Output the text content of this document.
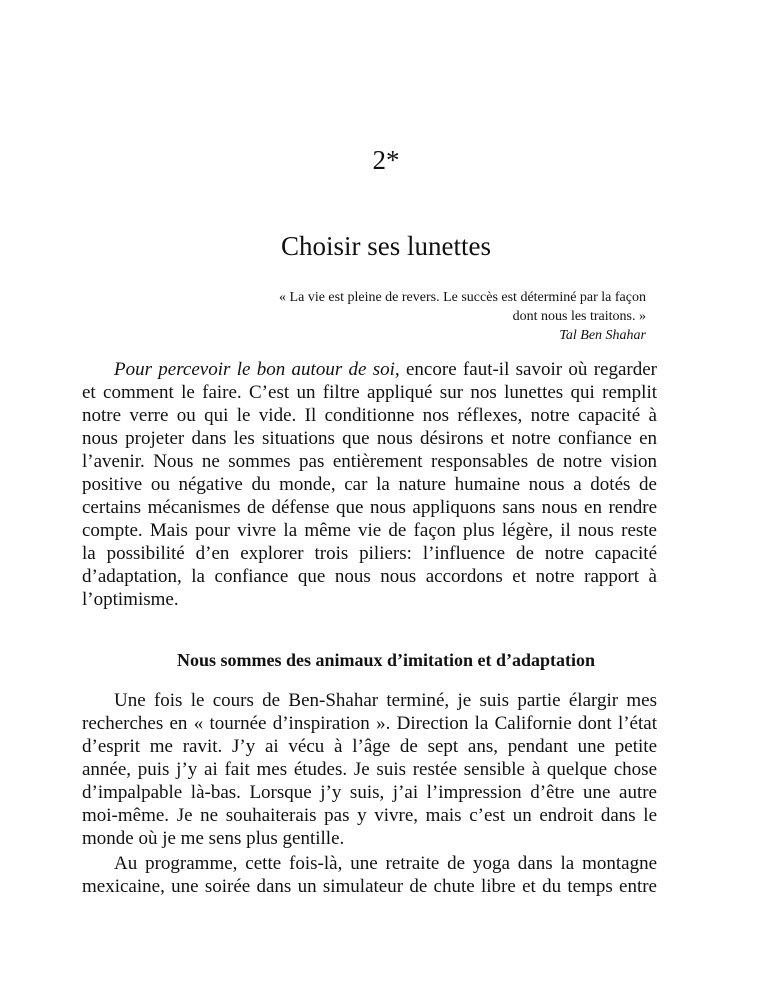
2*
Choisir ses lunettes
« La vie est pleine de revers. Le succès est déterminé par la façon
dont nous les traitons. »
Tal Ben Shahar
Pour percevoir le bon autour de soi, encore faut-il savoir où regarder
et comment le faire. C’est un filtre appliqué sur nos lunettes qui remplit
notre verre ou qui le vide. Il conditionne nos réflexes, notre capacité à
nous projeter dans les situations que nous désirons et notre confiance en
l’avenir. Nous ne sommes pas entièrement responsables de notre vision
positive ou négative du monde, car la nature humaine nous a dotés de
certains mécanismes de défense que nous appliquons sans nous en rendre
compte. Mais pour vivre la même vie de façon plus légère, il nous reste
la possibilité d’en explorer trois piliers: l’influence de notre capacité
d’adaptation, la confiance que nous nous accordons et notre rapport à
l’optimisme.
Nous sommes des animaux d’imitation et d’adaptation
Une fois le cours de Ben-Shahar terminé, je suis partie élargir mes
recherches en « tournée d’inspiration ». Direction la Californie dont l’état
d’esprit me ravit. J’y ai vécu à l’âge de sept ans, pendant une petite
année, puis j’y ai fait mes études. Je suis restée sensible à quelque chose
d’impalpable là-bas. Lorsque j’y suis, j’ai l’impression d’être une autre
moi-même. Je ne souhaiterais pas y vivre, mais c’est un endroit dans le
monde où je me sens plus gentille.
Au programme, cette fois-là, une retraite de yoga dans la montagne
mexicaine, une soirée dans un simulateur de chute libre et du temps entre
